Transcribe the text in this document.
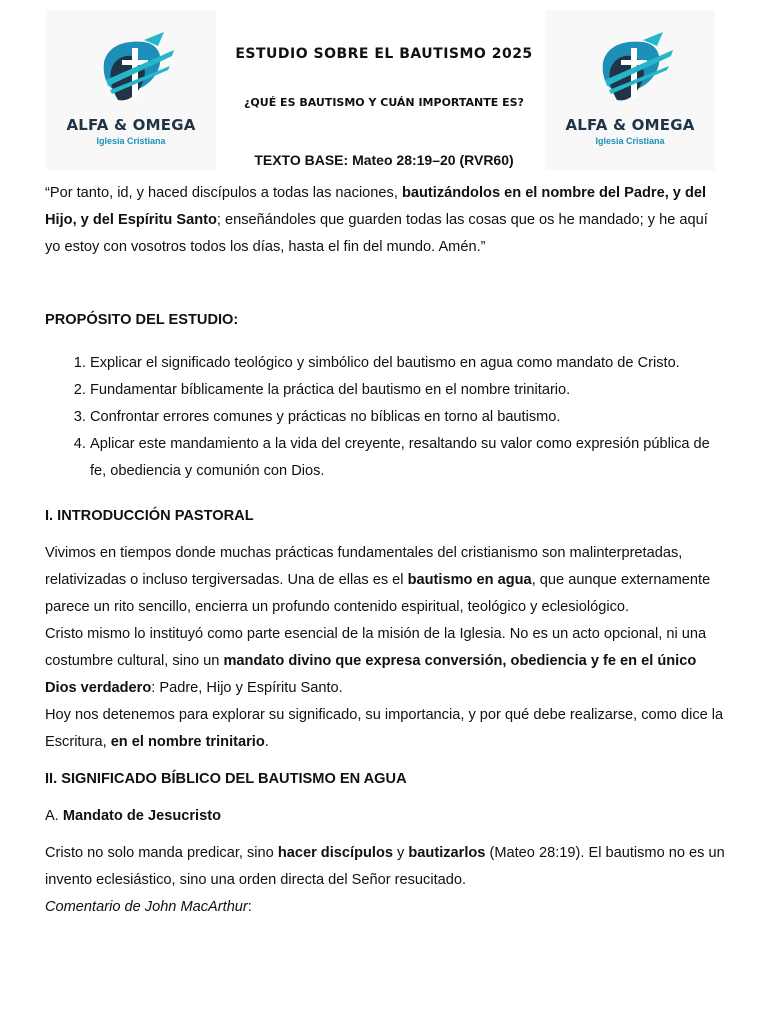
ALFA & OMEGA
Iglesia Cristiana
ALFA & OMEGA
Iglesia Cristiana
ESTUDIO SOBRE EL BAUTISMO 2025
¿QUÉ ES BAUTISMO Y CUÁN IMPORTANTE ES?
TEXTO BASE: Mateo 28:19–20 (RVR60)

“Por tanto, id, y haced discípulos a todas las naciones, bautizándolos en el nombre del Padre, y del Hijo, y del Espíritu Santo; enseñándoles que guarden todas las cosas que os he mandado; y he aquí yo estoy con vosotros todos los días, hasta el fin del mundo. Amén.”

PROPÓSITO DEL ESTUDIO:

1. Explicar el significado teológico y simbólico del bautismo en agua como mandato de Cristo.
2. Fundamentar bíblicamente la práctica del bautismo en el nombre trinitario.
3. Confrontar errores comunes y prácticas no bíblicas en torno al bautismo.
4. Aplicar este mandamiento a la vida del creyente, resaltando su valor como expresión pública de fe, obediencia y comunión con Dios.

I. INTRODUCCIÓN PASTORAL

Vivimos en tiempos donde muchas prácticas fundamentales del cristianismo son malinterpretadas, relativizadas o incluso tergiversadas. Una de ellas es el bautismo en agua, que aunque externamente parece un rito sencillo, encierra un profundo contenido espiritual, teológico y eclesiológico.

Cristo mismo lo instituyó como parte esencial de la misión de la Iglesia. No es un acto opcional, ni una costumbre cultural, sino un mandato divino que expresa conversión, obediencia y fe en el único Dios verdadero: Padre, Hijo y Espíritu Santo.

Hoy nos detenemos para explorar su significado, su importancia, y por qué debe realizarse, como dice la Escritura, en el nombre trinitario.

II. SIGNIFICADO BÍBLICO DEL BAUTISMO EN AGUA

A. Mandato de Jesucristo

Cristo no solo manda predicar, sino hacer discípulos y bautizarlos (Mateo 28:19). El bautismo no es un invento eclesiástico, sino una orden directa del Señor resucitado.

Comentario de John MacArthur:
